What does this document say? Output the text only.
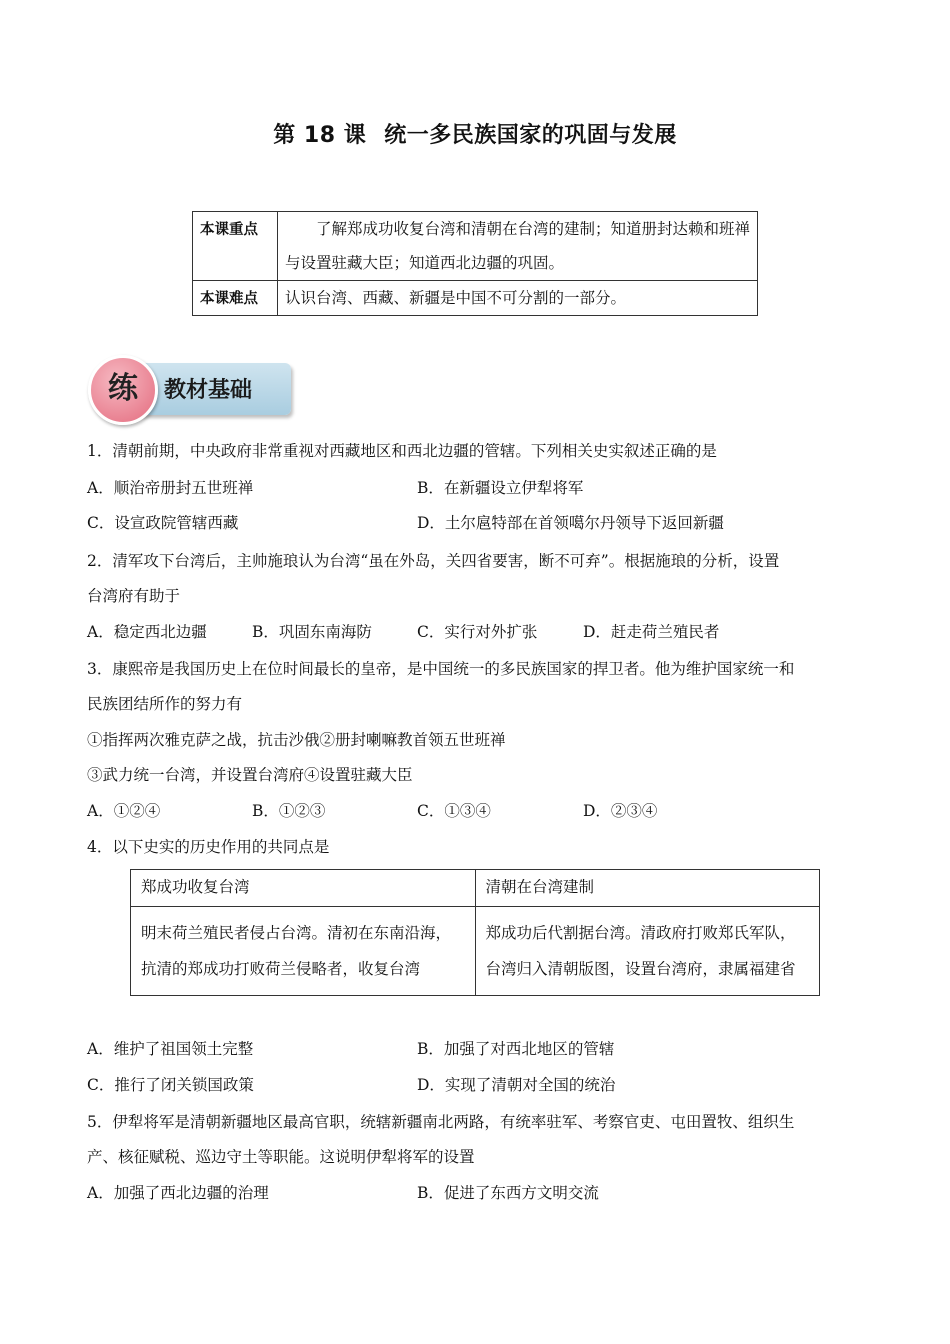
第 18 课 统一多民族国家的巩固与发展
本课重点	了解郑成功收复台湾和清朝在台湾的建制；知道册封达赖和班禅与设置驻藏大臣；知道西北边疆的巩固。
本课难点	认识台湾、西藏、新疆是中国不可分割的一部分。
练	教材基础
1．清朝前期，中央政府非常重视对西藏地区和西北边疆的管辖。下列相关史实叙述正确的是
A．顺治帝册封五世班禅	B．在新疆设立伊犁将军
C．设宣政院管辖西藏	D．土尔扈特部在首领噶尔丹领导下返回新疆
2．清军攻下台湾后，主帅施琅认为台湾“虽在外岛，关四省要害，断不可弃”。根据施琅的分析，设置
台湾府有助于
A．稳定西北边疆	B．巩固东南海防	C．实行对外扩张	D．赶走荷兰殖民者
3．康熙帝是我国历史上在位时间最长的皇帝，是中国统一的多民族国家的捍卫者。他为维护国家统一和
民族团结所作的努力有
①指挥两次雅克萨之战，抗击沙俄②册封喇嘛教首领五世班禅
③武力统一台湾，并设置台湾府④设置驻藏大臣
A．①②④	B．①②③	C．①③④	D．②③④
4．以下史实的历史作用的共同点是
郑成功收复台湾	清朝在台湾建制
明末荷兰殖民者侵占台湾。清初在东南沿海，抗清的郑成功打败荷兰侵略者，收复台湾	郑成功后代割据台湾。清政府打败郑氏军队，台湾归入清朝版图，设置台湾府，隶属福建省
A．维护了祖国领土完整	B．加强了对西北地区的管辖
C．推行了闭关锁国政策	D．实现了清朝对全国的统治
5．伊犁将军是清朝新疆地区最高官职，统辖新疆南北两路，有统率驻军、考察官吏、屯田置牧、组织生
产、核征赋税、巡边守土等职能。这说明伊犁将军的设置
A．加强了西北边疆的治理	B．促进了东西方文明交流
